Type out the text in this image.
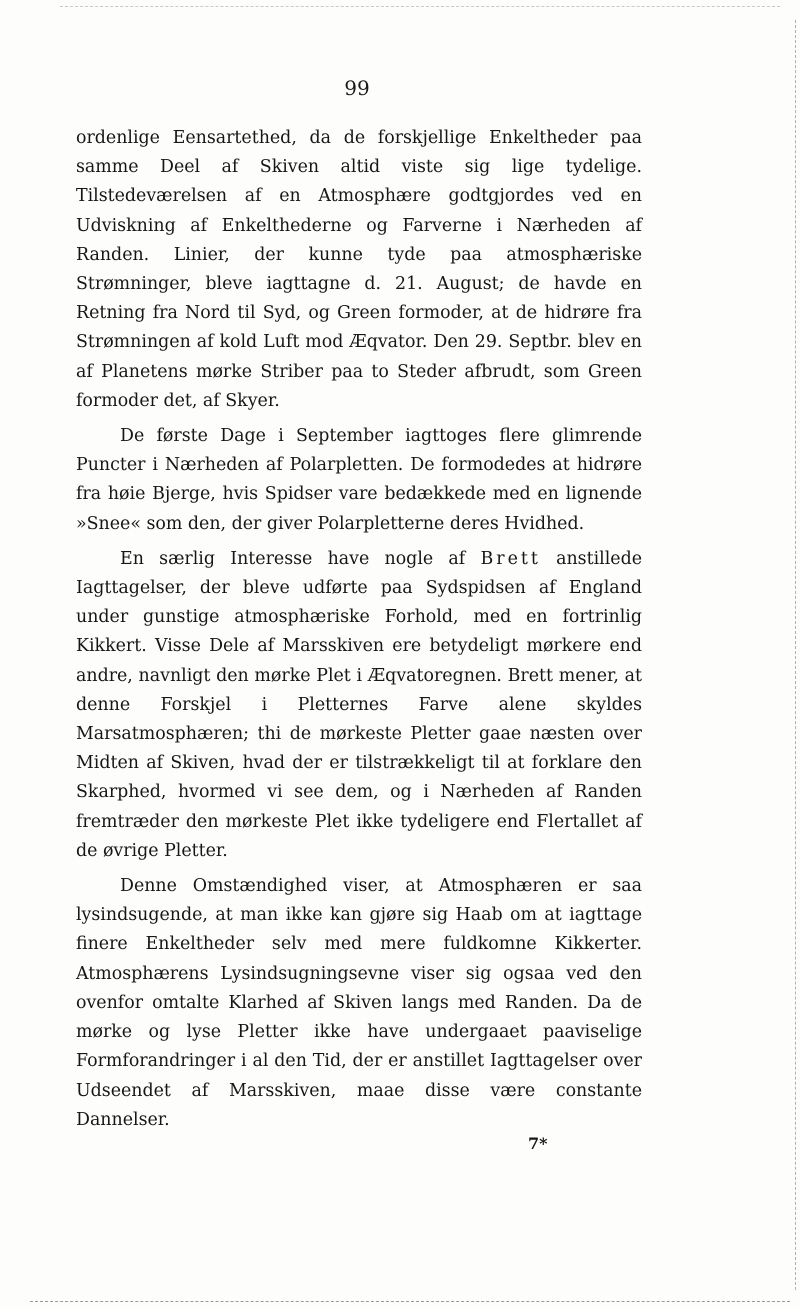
99

ordenlige Eensartethed, da de forskjellige Enkeltheder paa samme Deel af Skiven altid viste sig lige tydelige. Tilstedeværelsen af en Atmosphære godtgjordes ved en Udviskning af Enkelthederne og Farverne i Nærheden af Randen. Linier, der kunne tyde paa atmosphæriske Strømninger, bleve iagttagne d. 21. August; de havde en Retning fra Nord til Syd, og Green formoder, at de hidrøre fra Strømningen af kold Luft mod Æqvator. Den 29. Septbr. blev en af Planetens mørke Striber paa to Steder afbrudt, som Green formoder det, af Skyer.

De første Dage i September iagttoges flere glimrende Puncter i Nærheden af Polarpletten. De formodedes at hidrøre fra høie Bjerge, hvis Spidser vare bedækkede med en lignende »Snee« som den, der giver Polarpletterne deres Hvidhed.

En særlig Interesse have nogle af Brett anstillede Iagttagelser, der bleve udførte paa Sydspidsen af England under gunstige atmosphæriske Forhold, med en fortrinlig Kikkert. Visse Dele af Marsskiven ere betydeligt mørkere end andre, navnligt den mørke Plet i Æqvatoregnen. Brett mener, at denne Forskjel i Pletternes Farve alene skyldes Marsatmosphæren; thi de mørkeste Pletter gaae næsten over Midten af Skiven, hvad der er tilstrækkeligt til at forklare den Skarphed, hvormed vi see dem, og i Nærheden af Randen fremtræder den mørkeste Plet ikke tydeligere end Flertallet af de øvrige Pletter.

Denne Omstændighed viser, at Atmosphæren er saa lysindsugende, at man ikke kan gjøre sig Haab om at iagttage finere Enkeltheder selv med mere fuldkomne Kikkerter. Atmosphærens Lysindsugningsevne viser sig ogsaa ved den ovenfor omtalte Klarhed af Skiven langs med Randen. Da de mørke og lyse Pletter ikke have undergaaet paaviselige Formforandringer i al den Tid, der er anstillet Iagttagelser over Udseendet af Marsskiven, maae disse være constante Dannelser.

7*
